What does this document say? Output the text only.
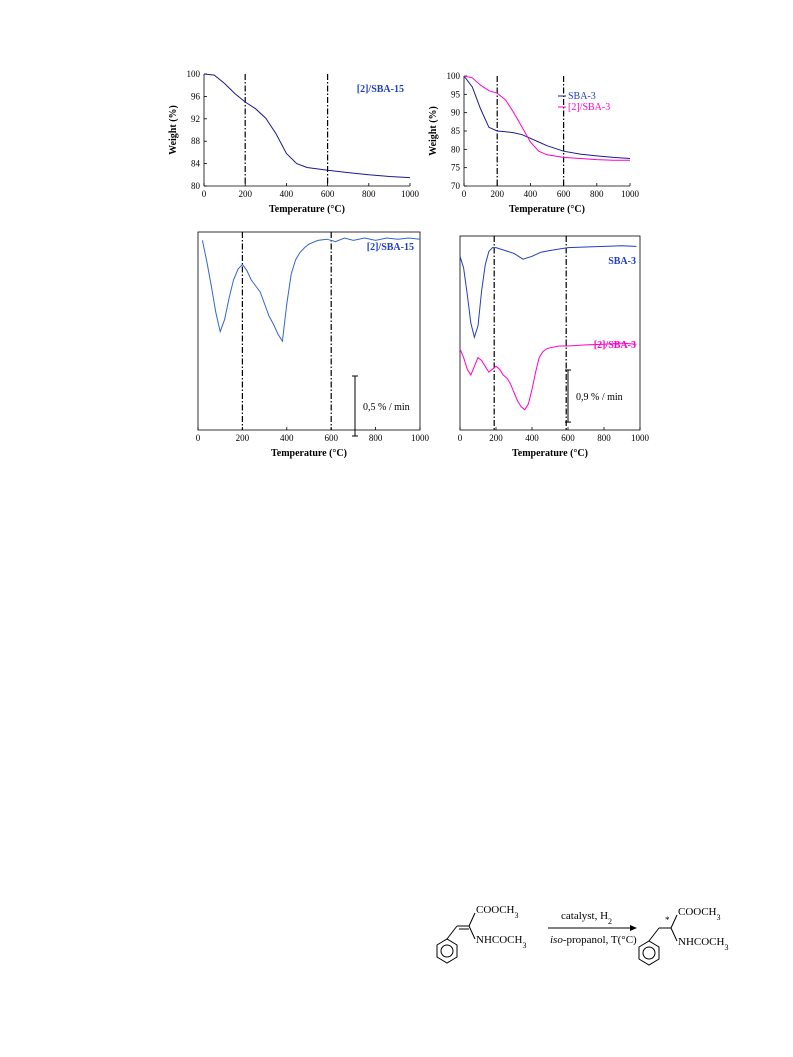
0	200	400	600	800	1000
80
84
88
92
96
100
Weight (%)
Temperature (°C)
[2]/SBA-15
0	200 400 600 800 1000
70
75
80
85
90
95
100
Weight (%)
Temperature (°C)
SBA-3
[2]/SBA-3
0	200	400	600	800	1000
Temperature (°C)
[2]/SBA-15
0,5 % / min
0	200	400	600	800 1000
Temperature (°C)
SBA-3
[2]/SBA-3
0,9 % / min
$COOCH_3$
$NHCOCH_3$
catalyst, $H_2$
iso-propanol, T(°C)
*
$COOCH_3$
$NHCOCH_3$
